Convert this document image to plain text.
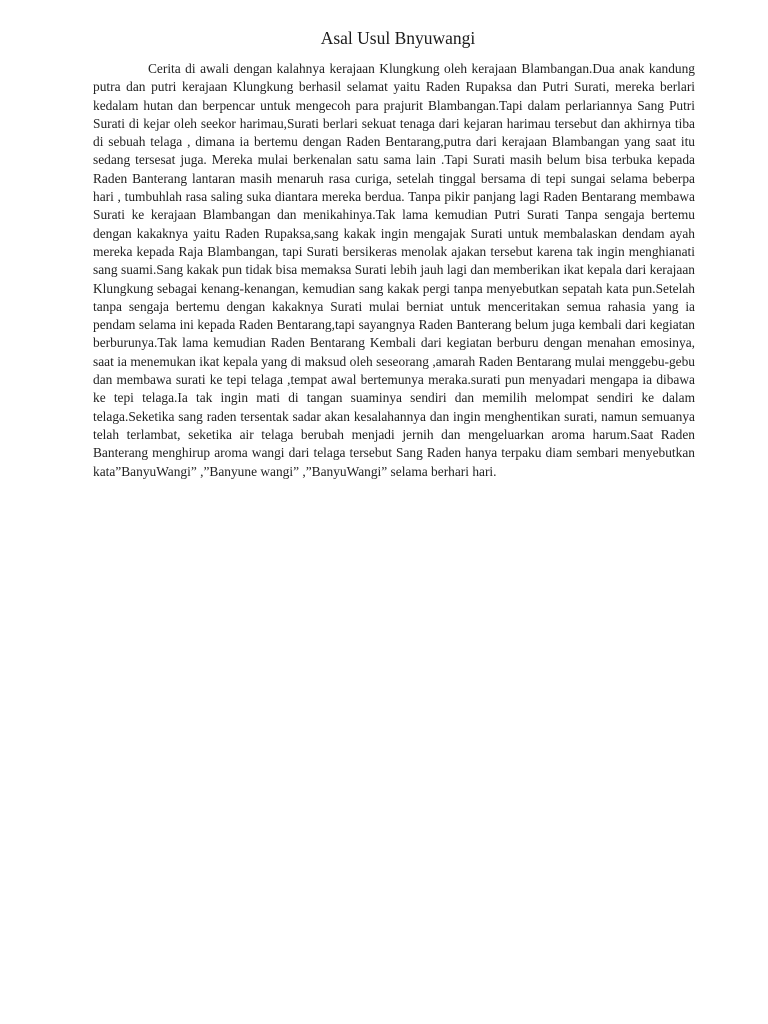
Asal Usul Bnyuwangi

Cerita di awali dengan kalahnya kerajaan Klungkung oleh kerajaan Blambangan.Dua anak kandung putra dan putri kerajaan Klungkung berhasil selamat yaitu Raden Rupaksa dan Putri Surati, mereka berlari kedalam hutan dan berpencar untuk mengecoh para prajurit Blambangan.Tapi dalam perlariannya Sang Putri Surati di kejar oleh seekor harimau,Surati berlari sekuat tenaga dari kejaran harimau tersebut dan akhirnya tiba di sebuah telaga , dimana ia bertemu dengan Raden Bentarang,putra dari kerajaan Blambangan yang saat itu sedang tersesat juga. Mereka mulai berkenalan satu sama lain .Tapi Surati masih belum bisa terbuka kepada Raden Banterang lantaran masih menaruh rasa curiga, setelah tinggal bersama di tepi sungai selama beberpa hari , tumbuhlah rasa saling suka diantara mereka berdua. Tanpa pikir panjang lagi Raden Bentarang membawa Surati ke kerajaan Blambangan dan menikahinya.Tak lama kemudian Putri Surati Tanpa sengaja bertemu dengan kakaknya yaitu Raden Rupaksa,sang kakak ingin mengajak Surati untuk membalaskan dendam ayah mereka kepada Raja Blambangan, tapi Surati bersikeras menolak ajakan tersebut karena tak ingin menghianati sang suami.Sang kakak pun tidak bisa memaksa Surati lebih jauh lagi dan memberikan ikat kepala dari kerajaan Klungkung sebagai kenang-kenangan, kemudian sang kakak pergi tanpa menyebutkan sepatah kata pun.Setelah tanpa sengaja bertemu dengan kakaknya Surati mulai berniat untuk menceritakan semua rahasia yang ia pendam selama ini kepada Raden Bentarang,tapi sayangnya Raden Banterang belum juga kembali dari kegiatan berburunya.Tak lama kemudian Raden Bentarang Kembali dari kegiatan berburu dengan menahan emosinya, saat ia menemukan ikat kepala yang di maksud oleh seseorang ,amarah Raden Bentarang mulai menggebu-gebu dan membawa surati ke tepi telaga ,tempat awal bertemunya meraka.surati pun menyadari mengapa ia dibawa ke tepi telaga.Ia tak ingin mati di tangan suaminya sendiri dan memilih melompat sendiri ke dalam telaga.Seketika sang raden tersentak sadar akan kesalahannya dan ingin menghentikan surati, namun semuanya telah terlambat, seketika air telaga berubah menjadi jernih dan mengeluarkan aroma harum.Saat Raden Banterang menghirup aroma wangi dari telaga tersebut Sang Raden hanya terpaku diam sembari menyebutkan kata”BanyuWangi” ,”Banyune wangi” ,”BanyuWangi” selama berhari hari.
